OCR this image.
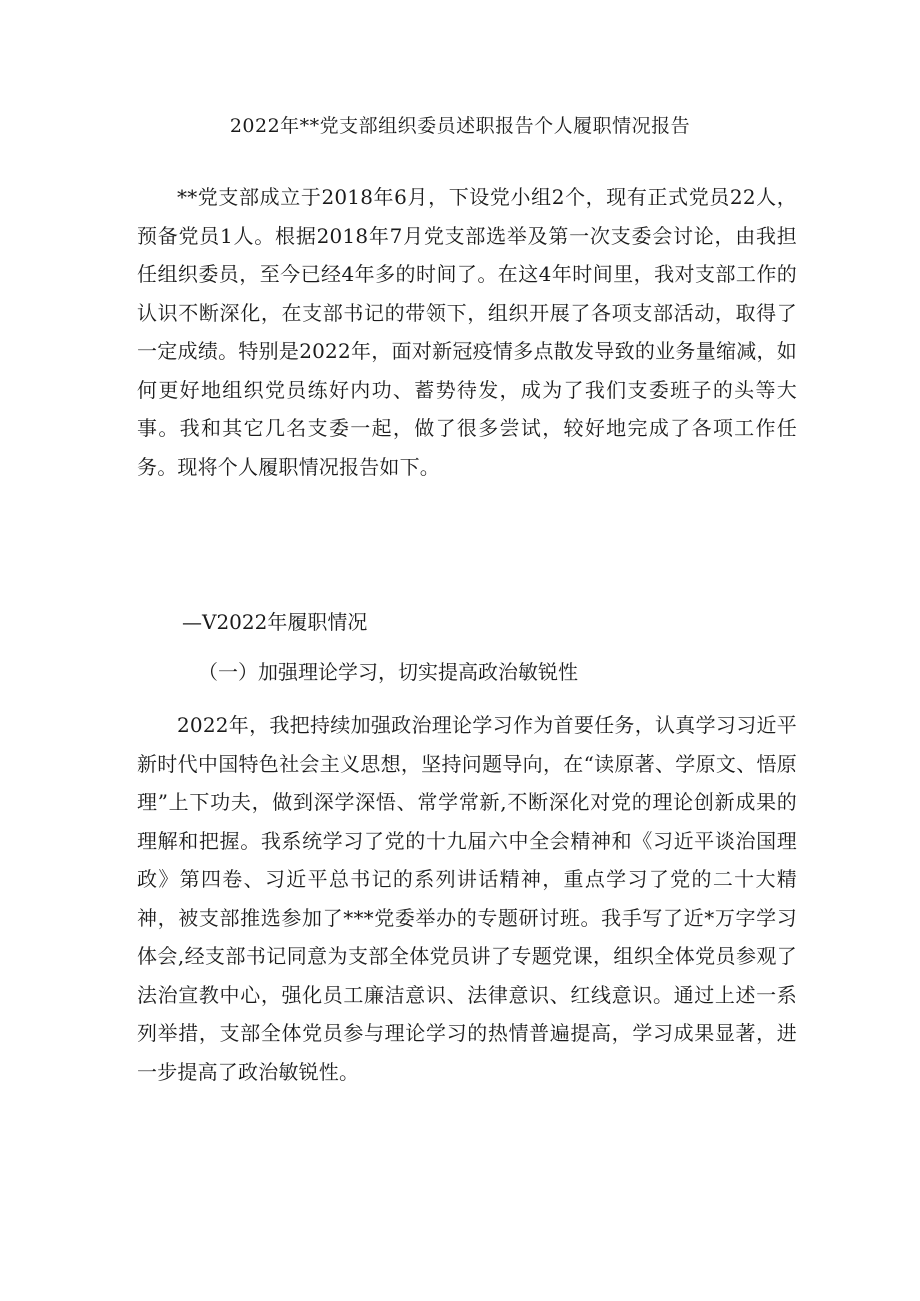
2022年**党支部组织委员述职报告个人履职情况报告

**党支部成立于2018年6月，下设党小组2个，现有正式党员22人，预备党员1人。根据2018年7月党支部选举及第一次支委会讨论，由我担任组织委员，至今已经4年多的时间了。在这4年时间里，我对支部工作的认识不断深化，在支部书记的带领下，组织开展了各项支部活动，取得了一定成绩。特别是2022年，面对新冠疫情多点散发导致的业务量缩减，如何更好地组织党员练好内功、蓄势待发，成为了我们支委班子的头等大事。我和其它几名支委一起，做了很多尝试，较好地完成了各项工作任务。现将个人履职情况报告如下。

—V2022年履职情况

（一）加强理论学习，切实提高政治敏锐性

2022年，我把持续加强政治理论学习作为首要任务，认真学习习近平新时代中国特色社会主义思想，坚持问题导向，在“读原著、学原文、悟原理”上下功夫，做到深学深悟、常学常新,不断深化对党的理论创新成果的理解和把握。我系统学习了党的十九届六中全会精神和《习近平谈治国理政》第四卷、习近平总书记的系列讲话精神，重点学习了党的二十大精神，被支部推选参加了***党委举办的专题研讨班。我手写了近*万字学习体会,经支部书记同意为支部全体党员讲了专题党课，组织全体党员参观了法治宣教中心，强化员工廉洁意识、法律意识、红线意识。通过上述一系列举措，支部全体党员参与理论学习的热情普遍提高，学习成果显著，进一步提高了政治敏锐性。
